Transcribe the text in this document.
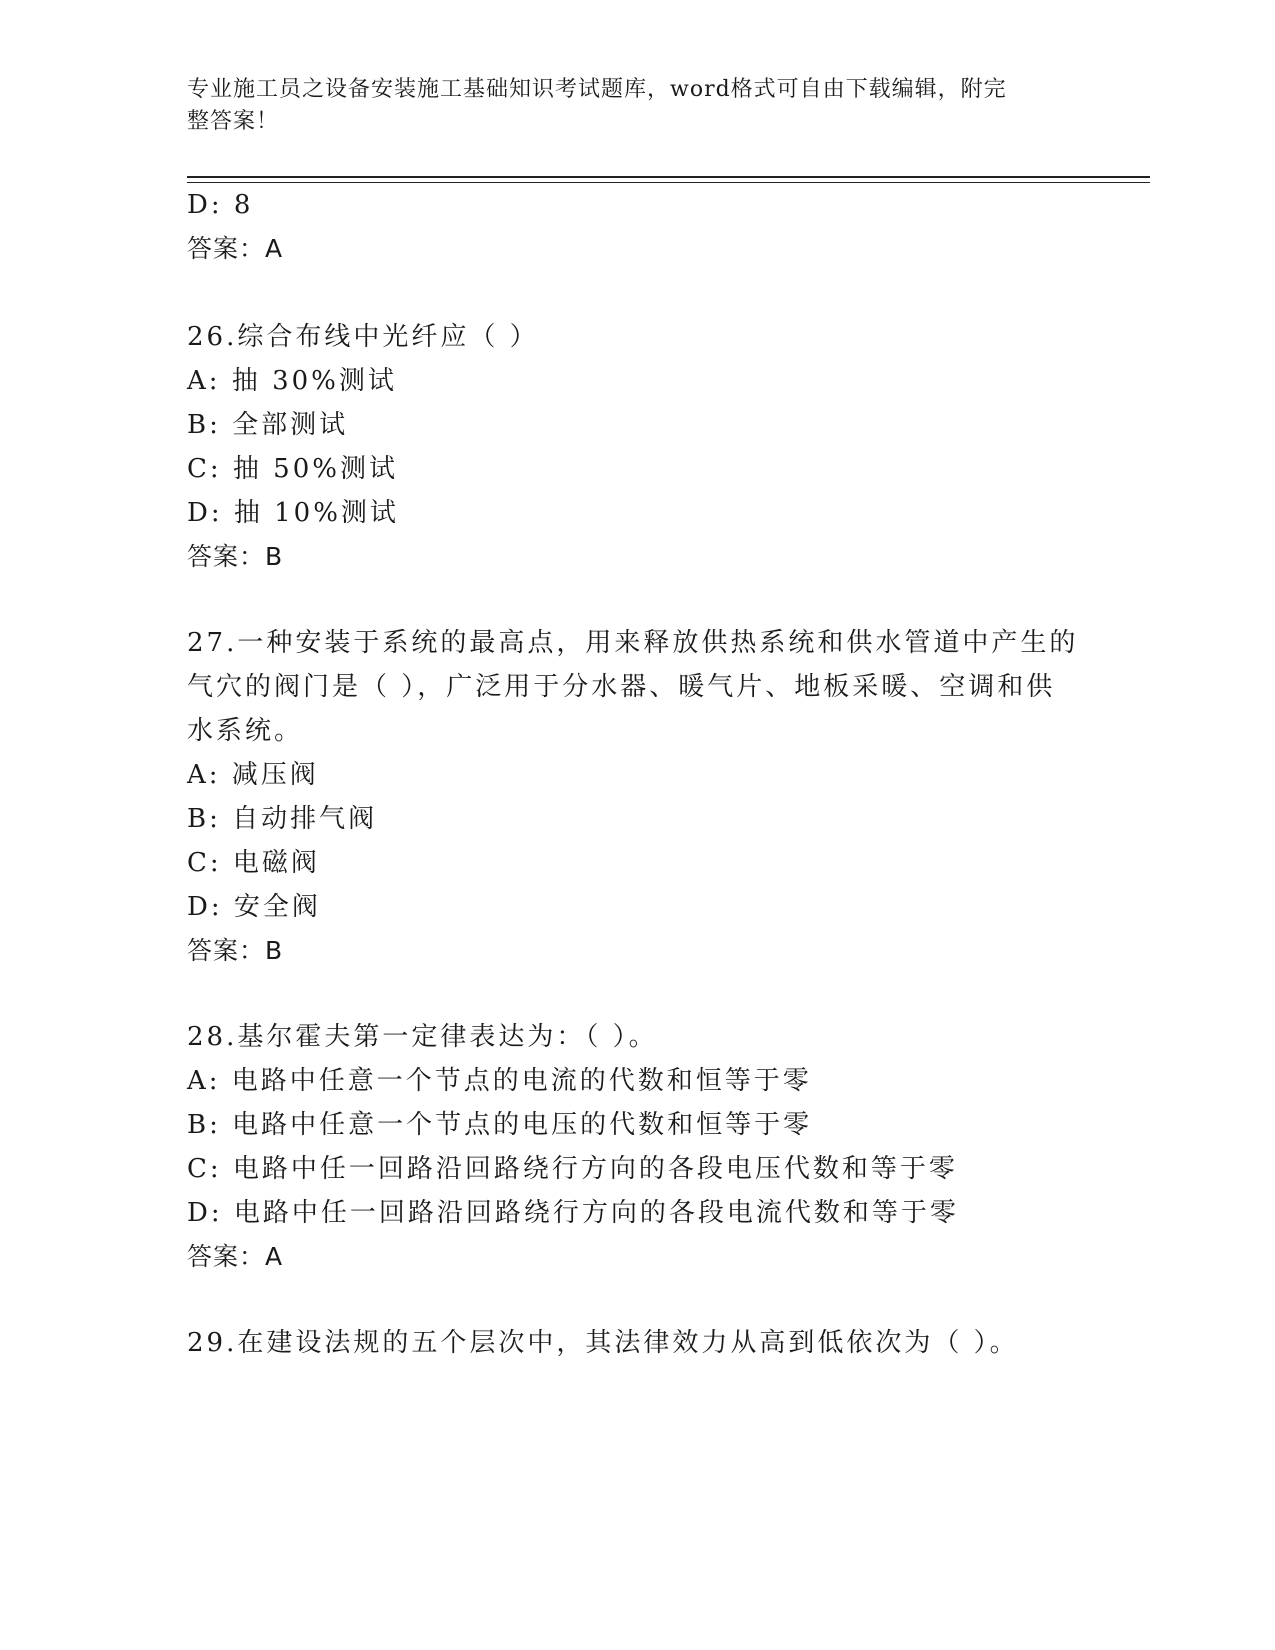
专业施工员之设备安装施工基础知识考试题库，word格式可自由下载编辑，附完
整答案！
D: 8
答案：A
26.综合布线中光纤应（ ）
A: 抽 30%测试
B: 全部测试
C: 抽 50%测试
D: 抽 10%测试
答案：B
27.一种安装于系统的最高点，用来释放供热系统和供水管道中产生的
气穴的阀门是（ ），广泛用于分水器、暖气片、地板采暖、空调和供
水系统。
A: 减压阀
B: 自动排气阀
C: 电磁阀
D: 安全阀
答案：B
28.基尔霍夫第一定律表达为：（ ）。
A: 电路中任意一个节点的电流的代数和恒等于零
B: 电路中任意一个节点的电压的代数和恒等于零
C: 电路中任一回路沿回路绕行方向的各段电压代数和等于零
D: 电路中任一回路沿回路绕行方向的各段电流代数和等于零
答案：A
29.在建设法规的五个层次中，其法律效力从高到低依次为（ ）。
